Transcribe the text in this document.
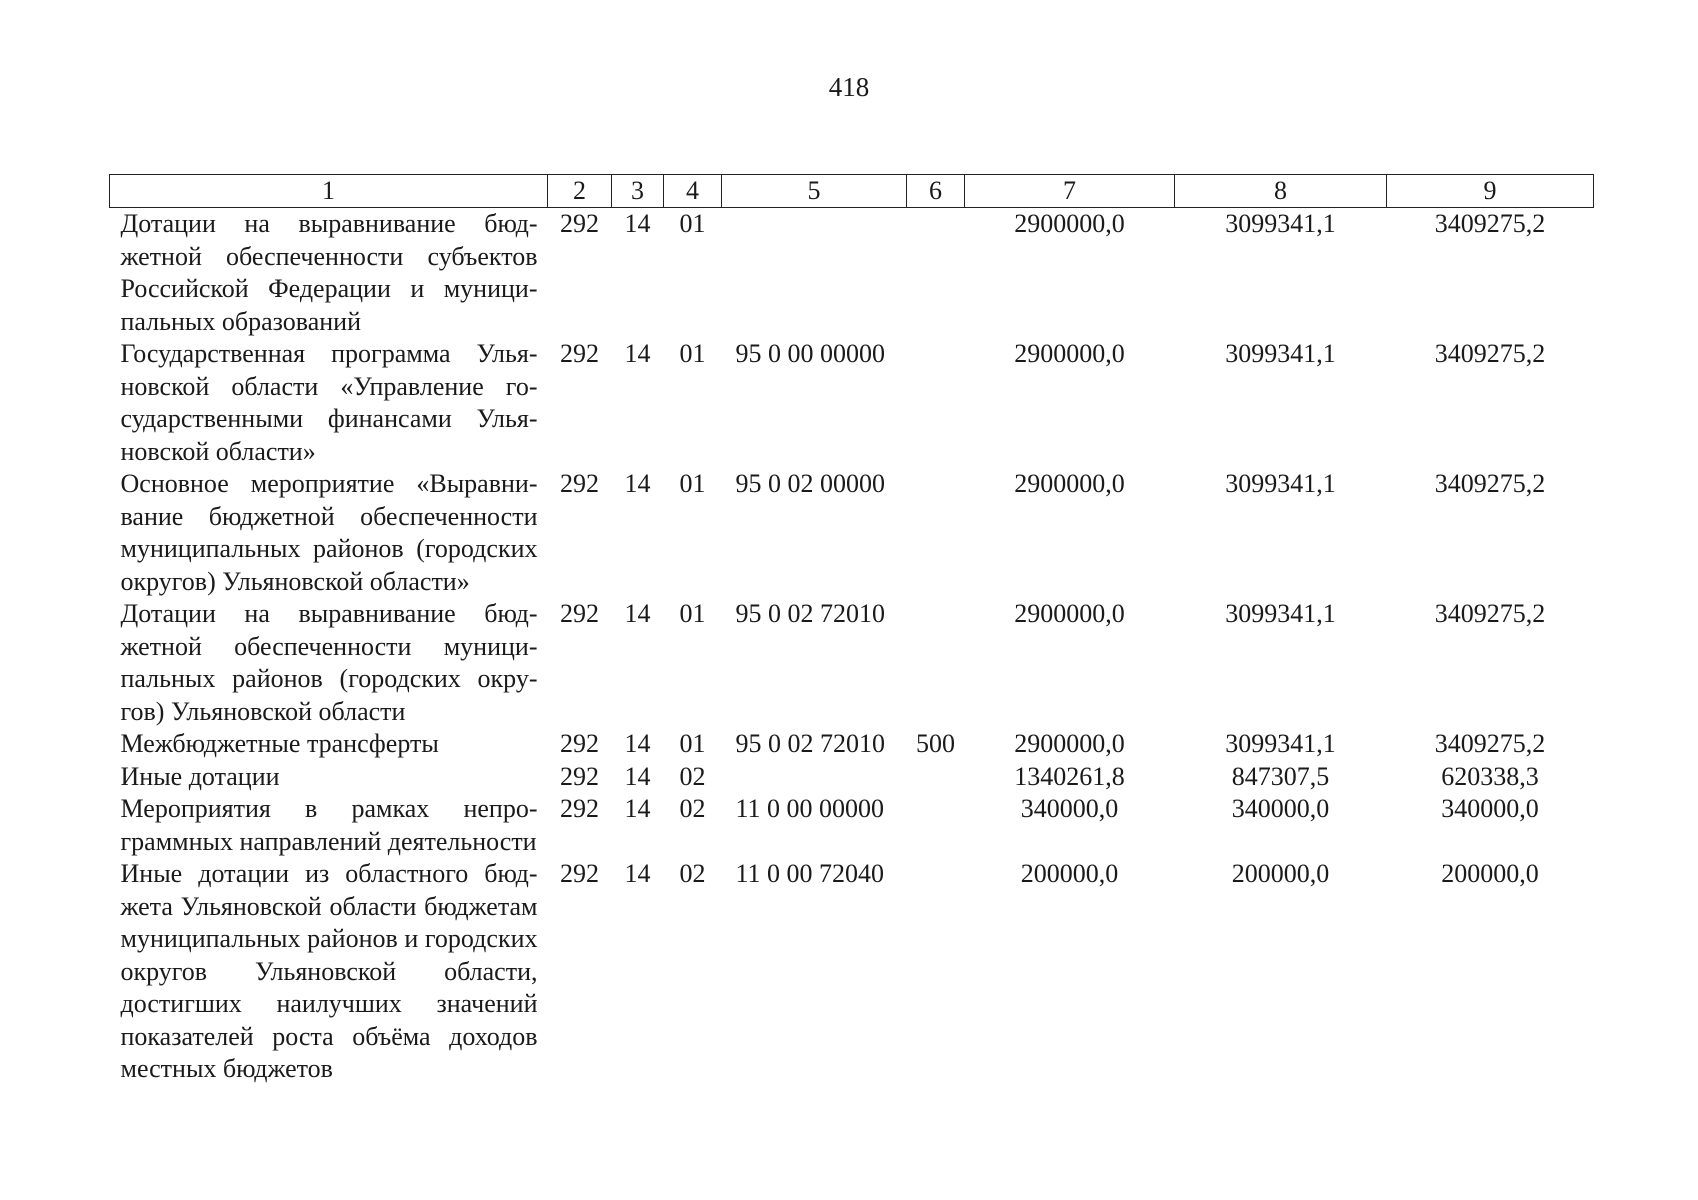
418
1	2	3	4	5	6	7	8	9
Дотации на выравнивание бюджетной обеспеченности субъектов Российской Федерации и муниципальных образований	292	14	01			2900000,0	3099341,1	3409275,2
Государственная программа Ульяновской области «Управление государственными финансами Ульяновской области»	292	14	01	95 0 00 00000		2900000,0	3099341,1	3409275,2
Основное мероприятие «Выравнивание бюджетной обеспеченности муниципальных районов (городских округов) Ульяновской области»	292	14	01	95 0 02 00000		2900000,0	3099341,1	3409275,2
Дотации на выравнивание бюджетной обеспеченности муниципальных районов (городских округов) Ульяновской области	292	14	01	95 0 02 72010		2900000,0	3099341,1	3409275,2
Межбюджетные трансферты	292	14	01	95 0 02 72010	500	2900000,0	3099341,1	3409275,2
Иные дотации	292	14	02			1340261,8	847307,5	620338,3
Мероприятия в рамках непрограммных направлений деятельности	292	14	02	11 0 00 00000		340000,0	340000,0	340000,0
Иные дотации из областного бюджета Ульяновской области бюджетам муниципальных районов и городских округов Ульяновской области, достигших наилучших значений показателей роста объёма доходов местных бюджетов	292	14	02	11 0 00 72040		200000,0	200000,0	200000,0
